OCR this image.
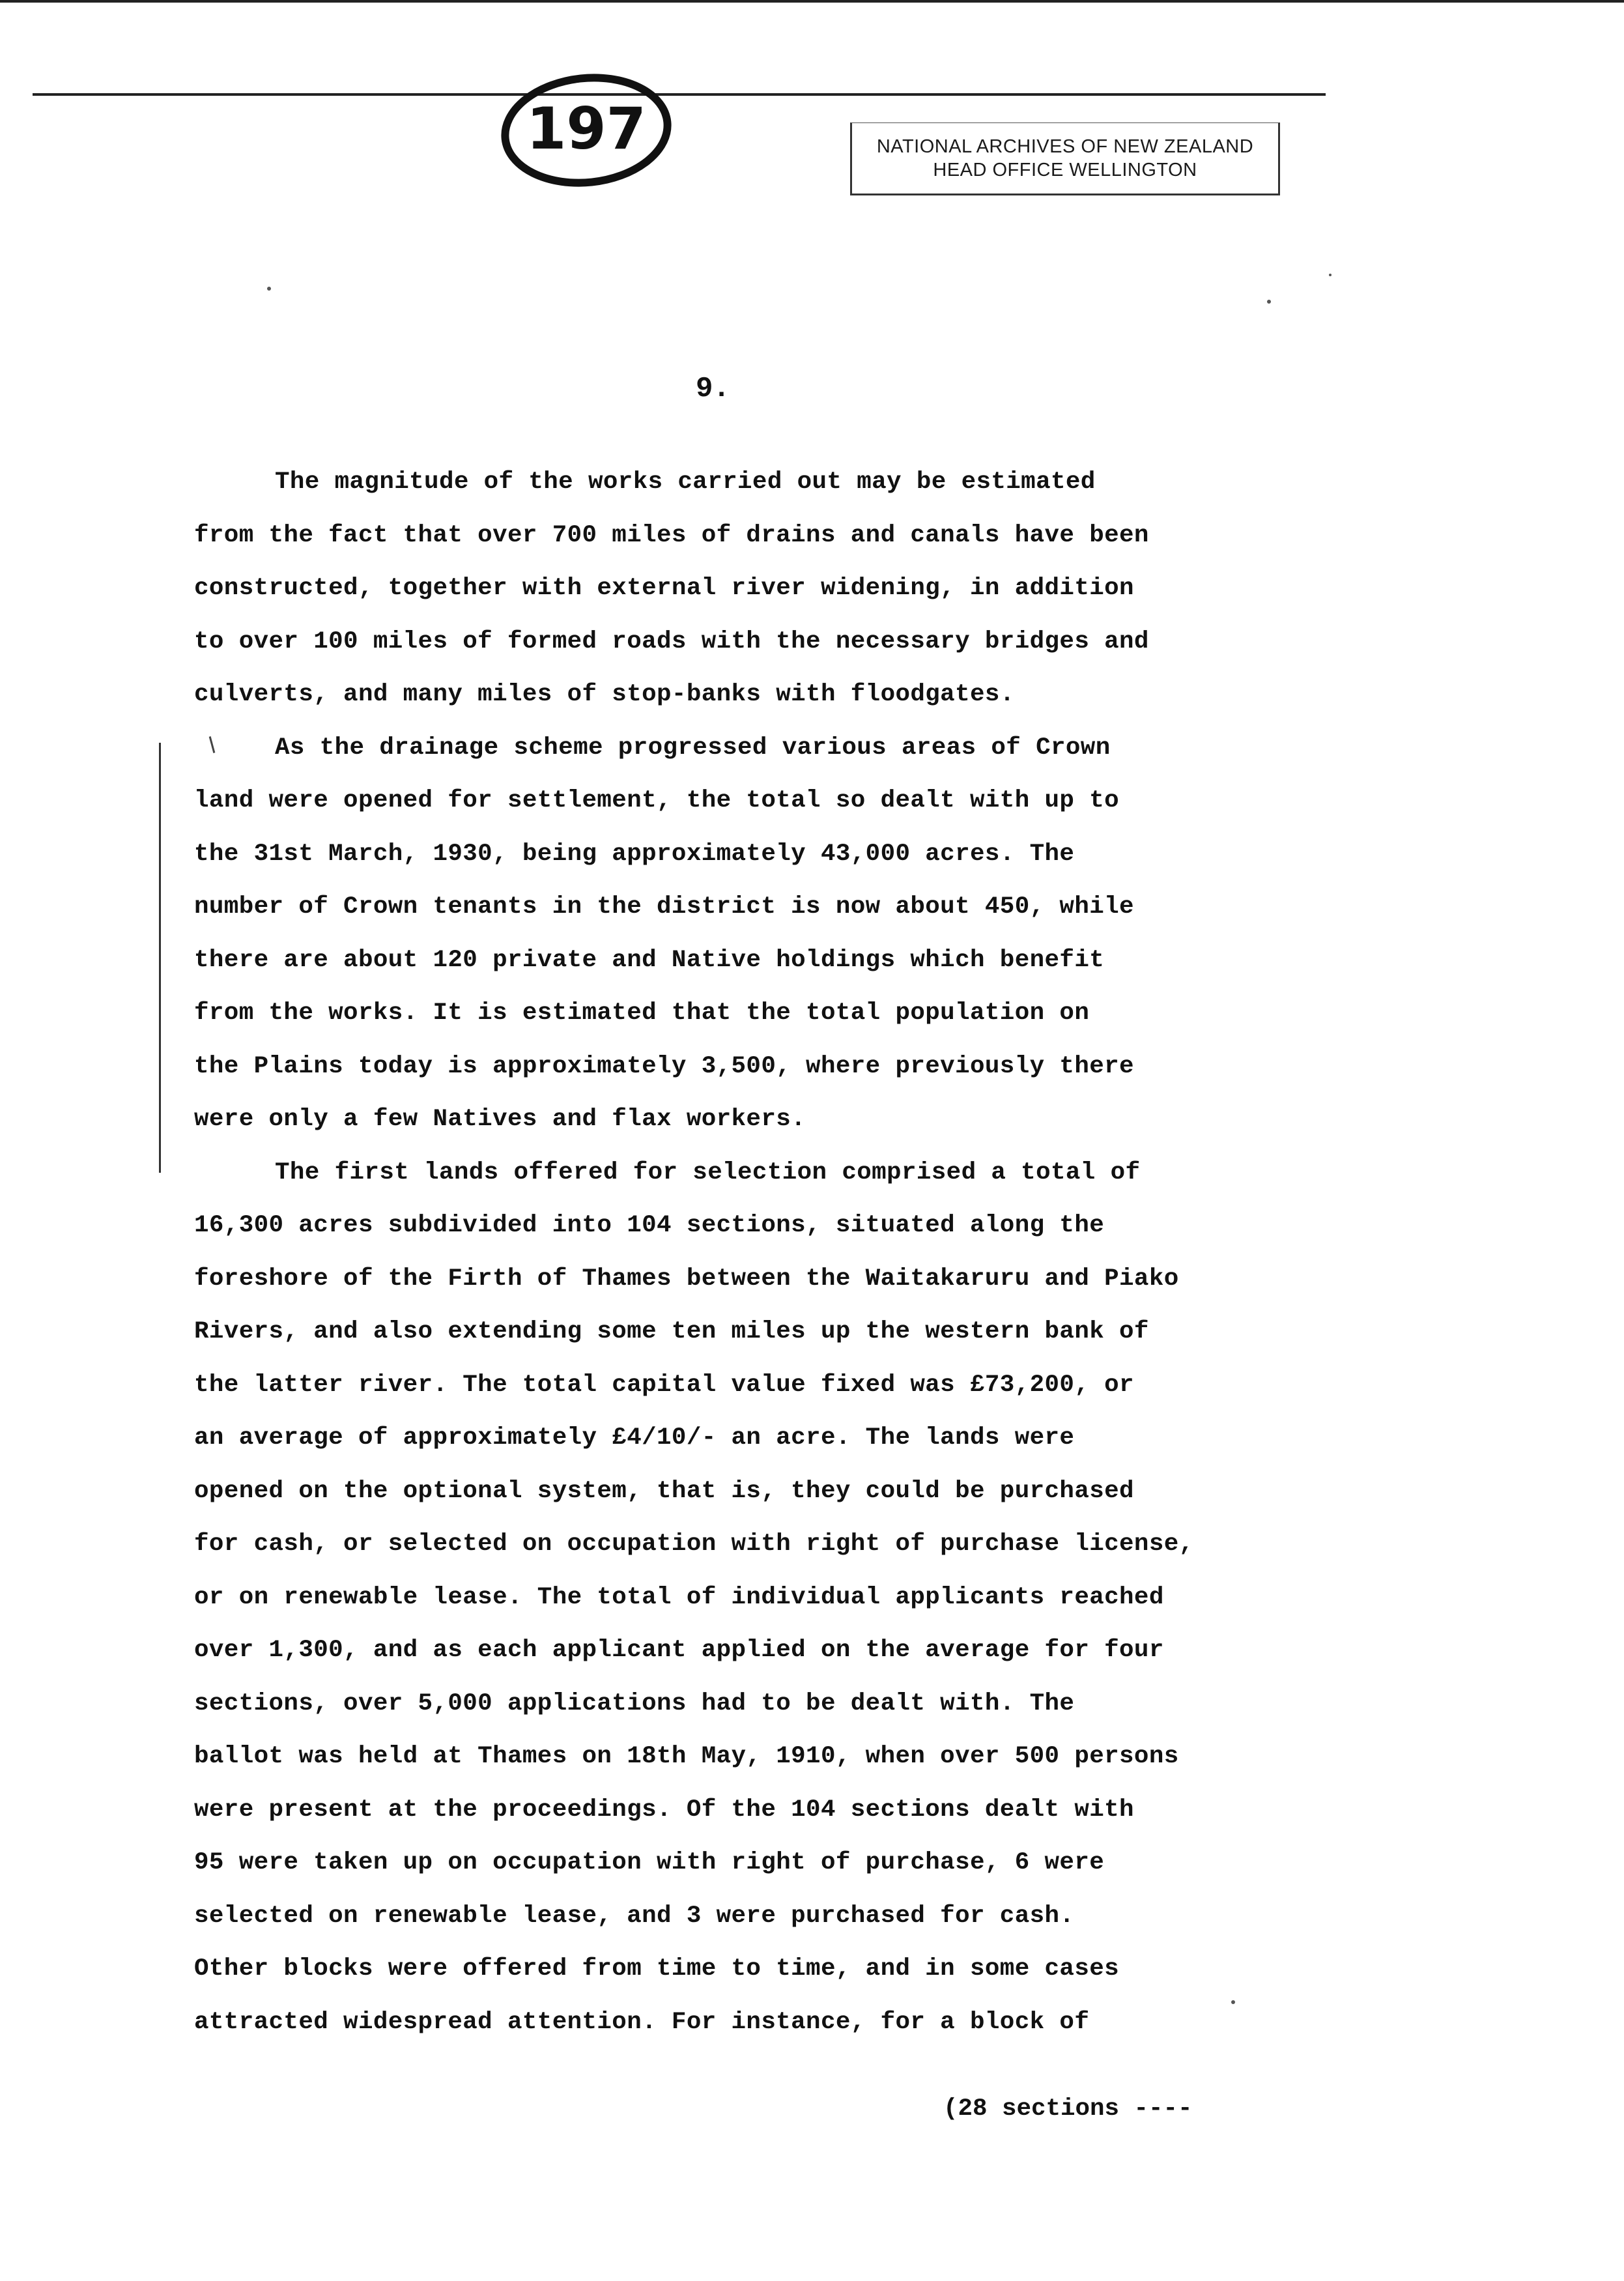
197	NATIONAL ARCHIVES OF NEW ZEALAND
HEAD OFFICE WELLINGTON
9.
The magnitude of the works carried out may be estimated
from the fact that over 700 miles of drains and canals have been
constructed, together with external river widening, in addition
to over 100 miles of formed roads with the necessary bridges and
culverts, and many miles of stop-banks with floodgates.
As the drainage scheme progressed various areas of Crown
land were opened for settlement, the total so dealt with up to
the 31st March, 1930, being approximately 43,000 acres. The
number of Crown tenants in the district is now about 450, while
there are about 120 private and Native holdings which benefit
from the works. It is estimated that the total population on
the Plains today is approximately 3,500, where previously there
were only a few Natives and flax workers.
The first lands offered for selection comprised a total of
16,300 acres subdivided into 104 sections, situated along the
foreshore of the Firth of Thames between the Waitakaruru and Piako
Rivers, and also extending some ten miles up the western bank of
the latter river. The total capital value fixed was £73,200, or
an average of approximately £4/10/- an acre. The lands were
opened on the optional system, that is, they could be purchased
for cash, or selected on occupation with right of purchase license,
or on renewable lease. The total of individual applicants reached
over 1,300, and as each applicant applied on the average for four
sections, over 5,000 applications had to be dealt with. The
ballot was held at Thames on 18th May, 1910, when over 500 persons
were present at the proceedings. Of the 104 sections dealt with
95 were taken up on occupation with right of purchase, 6 were
selected on renewable lease, and 3 were purchased for cash.
Other blocks were offered from time to time, and in some cases
attracted widespread attention. For instance, for a block of
(28 sections ----
